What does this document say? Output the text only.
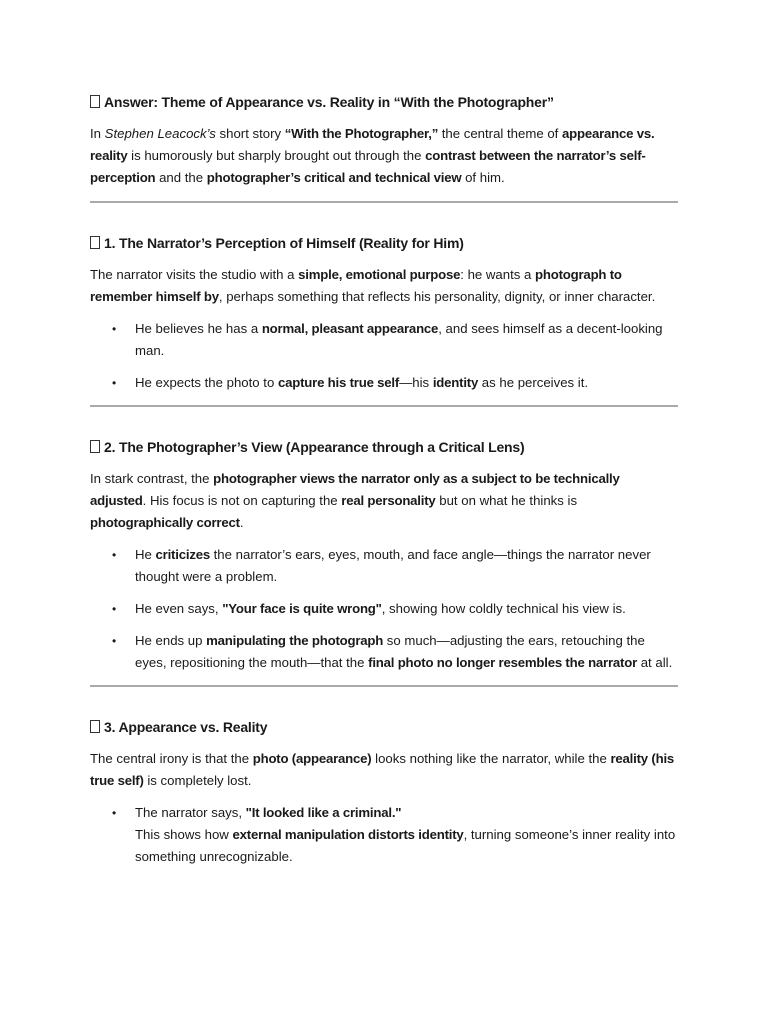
Answer: Theme of Appearance vs. Reality in “With the Photographer”

In Stephen Leacock’s short story “With the Photographer,” the central theme of appearance vs. reality is humorously but sharply brought out through the contrast between the narrator’s self-perception and the photographer’s critical and technical view of him.

1. The Narrator’s Perception of Himself (Reality for Him)

The narrator visits the studio with a simple, emotional purpose: he wants a photograph to remember himself by, perhaps something that reflects his personality, dignity, or inner character.

• He believes he has a normal, pleasant appearance, and sees himself as a decent-looking man.
• He expects the photo to capture his true self—his identity as he perceives it.
2. The Photographer’s View (Appearance through a Critical Lens)

In stark contrast, the photographer views the narrator only as a subject to be technically adjusted. His focus is not on capturing the real personality but on what he thinks is photographically correct.

• He criticizes the narrator’s ears, eyes, mouth, and face angle—things the narrator never thought were a problem.
• He even says, "Your face is quite wrong", showing how coldly technical his view is.
• He ends up manipulating the photograph so much—adjusting the ears, retouching the eyes, repositioning the mouth—that the final photo no longer resembles the narrator at all.
3. Appearance vs. Reality

The central irony is that the photo (appearance) looks nothing like the narrator, while the reality (his true self) is completely lost.

• The narrator says, "It looked like a criminal."
This shows how external manipulation distorts identity, turning someone’s inner reality into something unrecognizable.
